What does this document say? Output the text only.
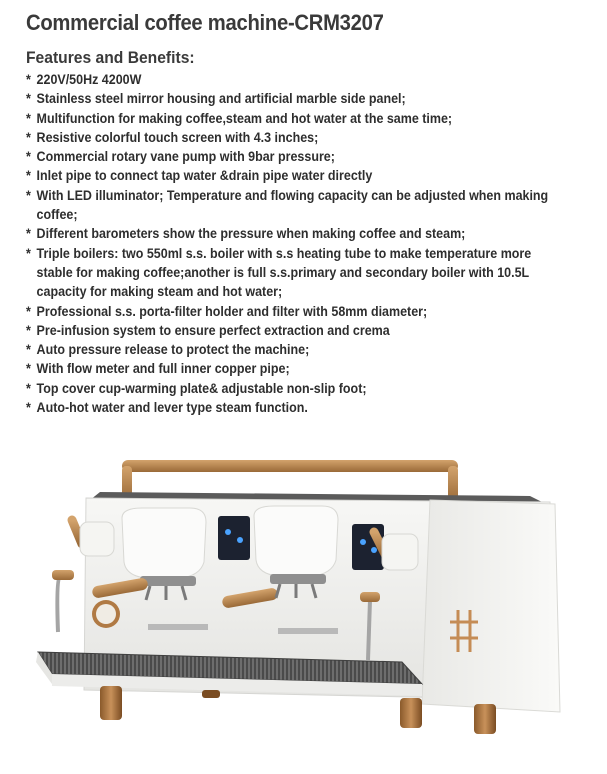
Commercial coffee machine-CRM3207
Features and Benefits:
* 220V/50Hz 4200W
* Stainless steel mirror housing and artificial marble side panel;
* Multifunction for making coffee,steam and hot water at the same time;
* Resistive colorful touch screen with 4.3 inches;
* Commercial rotary vane pump with 9bar pressure;
* Inlet pipe to connect tap water &drain pipe water directly
* With LED illuminator; Temperature and flowing capacity can be adjusted when making coffee;
* Different barometers show the pressure when making coffee and steam;
* Triple boilers: two 550ml s.s. boiler with s.s heating tube to make temperature more stable for making coffee;another is full s.s.primary and secondary boiler with 10.5L capacity for making steam and hot water;
* Professional s.s. porta-filter holder and filter with 58mm diameter;
* Pre-infusion system to ensure perfect extraction and crema
* Auto pressure release to protect the machine;
* With flow meter and full inner copper pipe;
* Top cover cup-warming plate& adjustable non-slip foot;
* Auto-hot water and lever type steam function.
